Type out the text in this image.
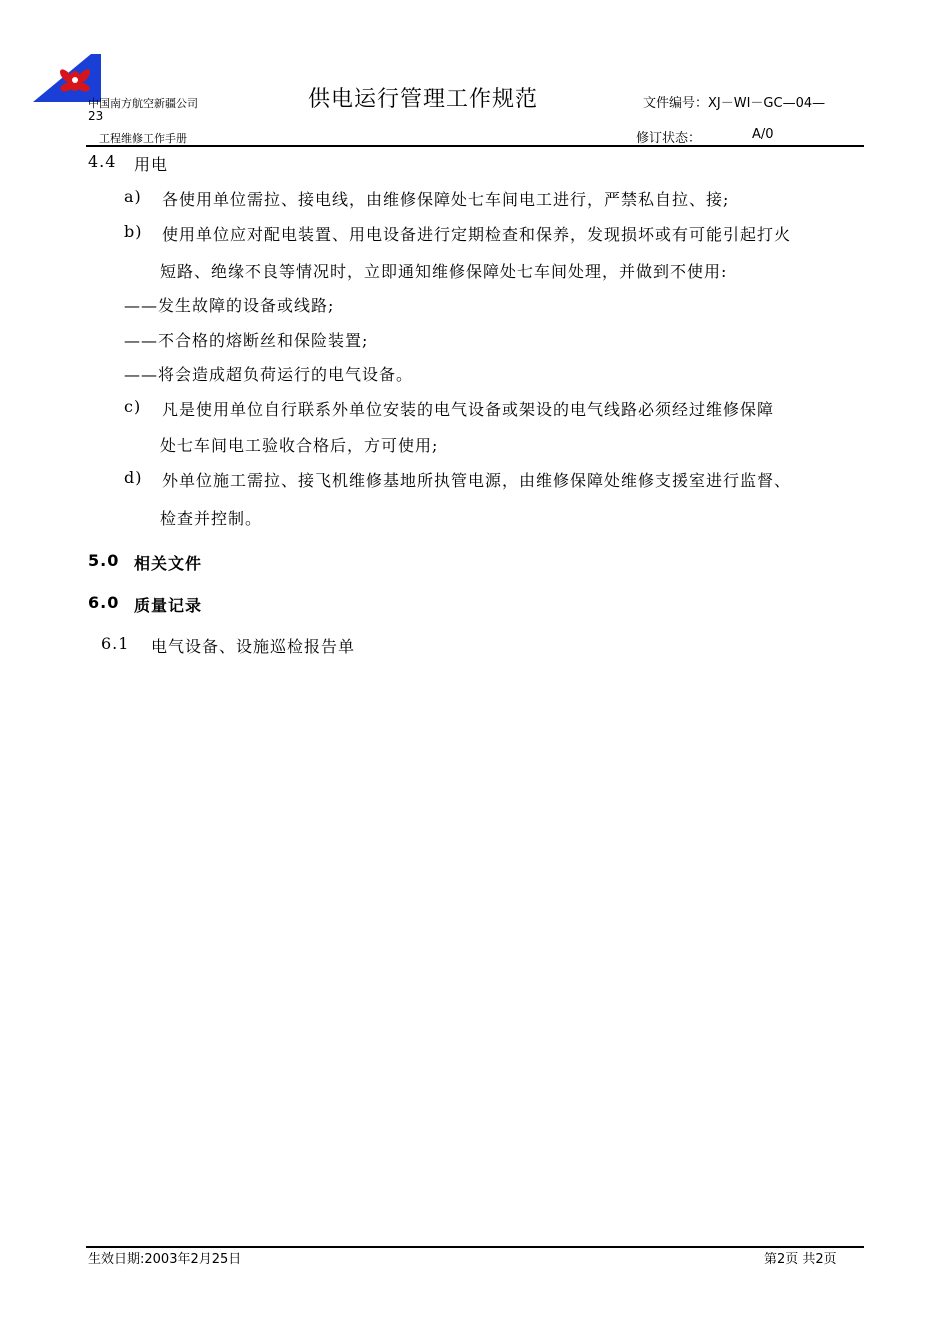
中国南方航空新疆公司
23
工程维修工作手册
供电运行管理工作规范	文件编号：XJ－WI－GC—04—
修订状态：	A/0
4.4 用电
a) 各使用单位需拉、接电线，由维修保障处七车间电工进行，严禁私自拉、接;
b) 使用单位应对配电装置、用电设备进行定期检查和保养，发现损坏或有可能引起打火
短路、绝缘不良等情况时，立即通知维修保障处七车间处理，并做到不使用:
——发生故障的设备或线路;
——不合格的熔断丝和保险装置;
——将会造成超负荷运行的电气设备。
c) 凡是使用单位自行联系外单位安装的电气设备或架设的电气线路必须经过维修保障
处七车间电工验收合格后，方可使用;
d) 外单位施工需拉、接飞机维修基地所执管电源，由维修保障处维修支援室进行监督、
检查并控制。
5.0 相关文件
6.0 质量记录
6.1 电气设备、设施巡检报告单
生效日期:2003年2月25日	第2页 共2页
